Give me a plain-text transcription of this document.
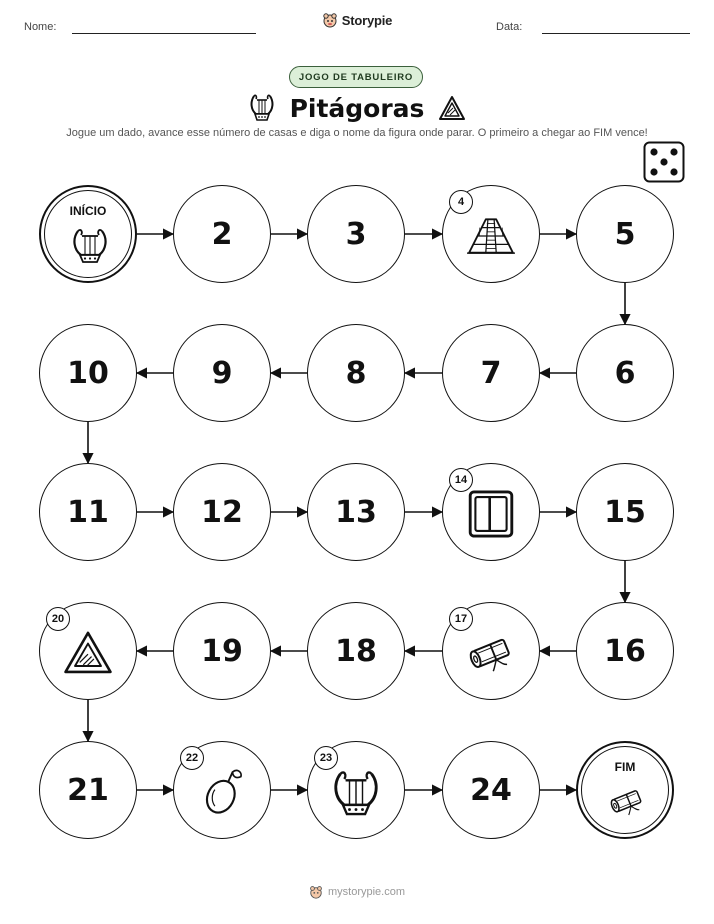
Nome:	Data:
Storypie
JOGO DE TABULEIRO
Pitágoras
Jogue um dado, avance esse número de casas e diga o nome da figura onde parar. O primeiro a chegar ao FIM vence!
INÍCIO
2	3
4
5
6
7
8
9
10
11	12	13
14
15
16
17
18
19
20
21
22	23
24
FIM
mystorypie.com
